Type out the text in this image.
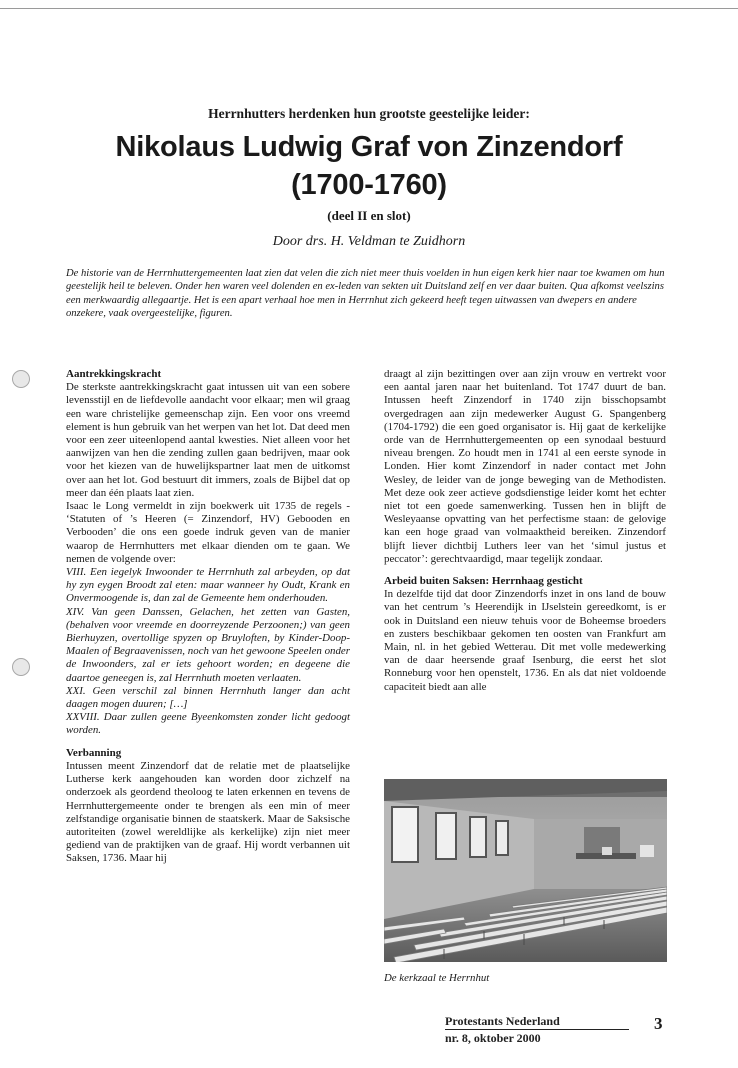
Herrnhutters herdenken hun grootste geestelijke leider:
Nikolaus Ludwig Graf von Zinzendorf
(1700-1760)
(deel II en slot)
Door drs. H. Veldman te Zuidhorn
De historie van de Herrnhuttergemeenten laat zien dat velen die zich niet meer thuis voelden in hun eigen kerk hier naar toe kwamen om hun geestelijk heil te beleven. Onder hen waren veel dolenden en ex-leden van sekten uit Duitsland zelf en ver daar buiten. Qua afkomst veelszins een merkwaardig allegaartje. Het is een apart verhaal hoe men in Herrnhut zich gekeerd heeft tegen uitwassen van dwepers en andere onzekere, vaak overgeestelijke, figuren.
Aantrekkingskracht

De sterkste aantrekkingskracht gaat intussen uit van een sobere levensstijl en de liefdevolle aandacht voor elkaar; men wil graag een ware christelijke gemeenschap zijn. Een voor ons vreemd element is hun gebruik van het werpen van het lot. Dat deed men voor een zeer uiteenlopend aantal kwesties. Niet alleen voor het aanwijzen van hen die zending zullen gaan bedrijven, maar ook voor het kiezen van de huwelijkspartner laat men de uitkomst over aan het lot. God bestuurt dit immers, zoals de Bijbel dat op meer dan één plaats laat zien.

Isaac le Long vermeldt in zijn boekwerk uit 1735 de regels - ‘Statuten of ’s Heeren (= Zinzendorf, HV) Gebooden en Verbooden’ die ons een goede indruk geven van de manier waarop de Herrnhutters met elkaar dienden om te gaan. We nemen de volgende over:

VIII. Een iegelyk Inwoonder te Herrnhuth zal arbeyden, op dat hy zyn eygen Broodt zal eten: maar wanneer hy Oudt, Krank en Onvermoogende is, dan zal de Gemeente hem onderhouden.

XIV. Van geen Danssen, Gelachen, het zetten van Gasten, (behalven voor vreemde en doorreyzende Perzoonen;) van geen Bierhuyzen, overtollige spyzen op Bruyloften, by Kinder-Doop-Maalen of Begraavenissen, noch van het gewoone Speelen onder de Inwoonders, zal er iets gehoort worden; en degeene die daartoe geneegen is, zal Herrnhuth moeten verlaaten.

XXI. Geen verschil zal binnen Herrnhuth langer dan acht daagen mogen duuren; […]

XXVIII. Daar zullen geene Byeenkomsten zonder licht gedoogt worden.

Verbanning

Intussen meent Zinzendorf dat de relatie met de plaatselijke Lutherse kerk aangehouden kan worden door zichzelf na onderzoek als geordend theoloog te laten erkennen en tevens de Herrnhuttergemeente onder te brengen als een min of meer zelfstandige organisatie binnen de staatskerk. Maar de Saksische autoriteiten (zowel wereldlijke als kerkelijke) zijn niet meer gediend van de praktijken van de graaf. Hij wordt verbannen uit Saksen, 1736. Maar hij

draagt al zijn bezittingen over aan zijn vrouw en vertrekt voor een aantal jaren naar het buitenland. Tot 1747 duurt de ban. Intussen heeft Zinzendorf in 1740 zijn bisschopsambt overgedragen aan zijn medewerker August G. Spangenberg (1704-1792) die een goed organisator is. Hij gaat de kerkelijke orde van de Herrnhuttergemeenten op een synodaal bestuurd niveau brengen. Zo houdt men in 1741 al een eerste synode in Londen. Hier komt Zinzendorf in nader contact met John Wesley, de leider van de jonge beweging van de Methodisten. Met deze ook zeer actieve godsdienstige leider komt het echter niet tot een goede samenwerking. Tussen hen in blijft de Wesleyaanse opvatting van het perfectisme staan: de gelovige kan een hoge graad van volmaaktheid bereiken. Zinzendorf blijft liever dichtbij Luthers leer van het ‘simul justus et peccator’: gerechtvaardigd, maar tegelijk zondaar.

Arbeid buiten Saksen: Herrnhaag gesticht

In dezelfde tijd dat door Zinzendorfs inzet in ons land de bouw van het centrum ’s Heerendijk in IJselstein gereedkomt, is er ook in Duitsland een nieuw tehuis voor de Boheemse broeders en zusters beschikbaar gekomen ten oosten van Frankfurt am Main, nl. in het gebied Wetterau. Dit met volle medewerking van de daar heersende graaf Isenburg, die eerst het slot Ronneburg voor hen openstelt, 1736. En als dat niet voldoende capaciteit biedt aan alle

De kerkzaal te Herrnhut
Protestants Nederland
nr. 8, oktober 2000
3
